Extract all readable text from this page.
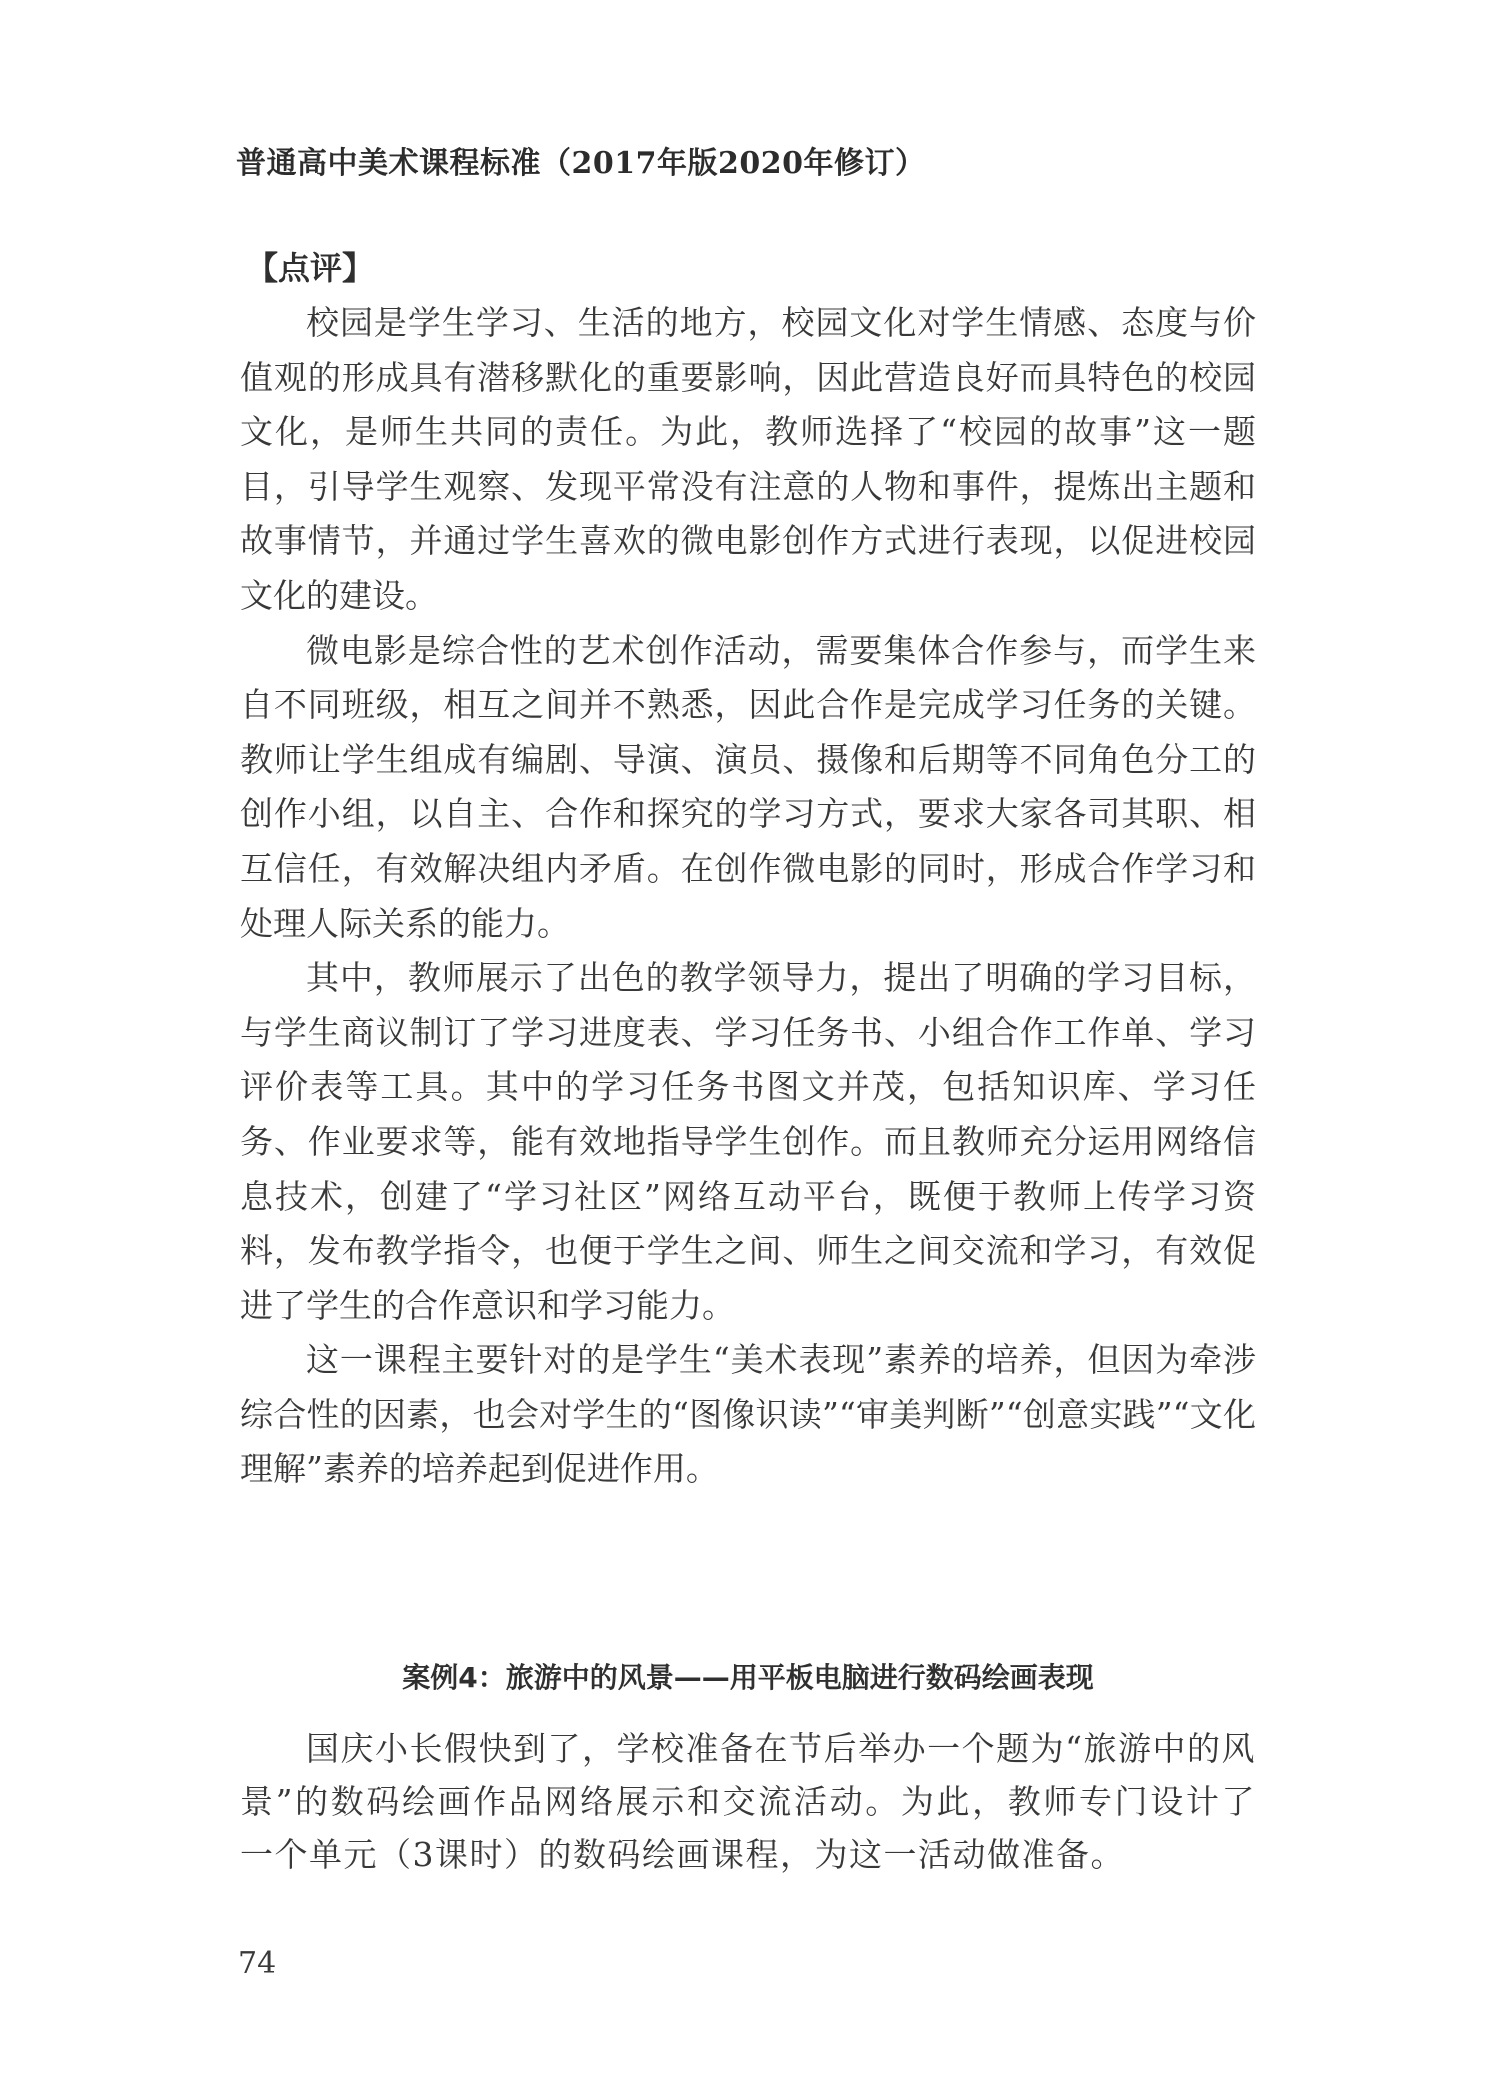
普通高中美术课程标准（2017年版2020年修订）

【点评】

校园是学生学习、生活的地方，校园文化对学生情感、态度与价值观的形成具有潜移默化的重要影响，因此营造良好而具特色的校园文化，是师生共同的责任。为此，教师选择了“校园的故事”这一题目，引导学生观察、发现平常没有注意的人物和事件，提炼出主题和故事情节，并通过学生喜欢的微电影创作方式进行表现，以促进校园文化的建设。

微电影是综合性的艺术创作活动，需要集体合作参与，而学生来自不同班级，相互之间并不熟悉，因此合作是完成学习任务的关键。教师让学生组成有编剧、导演、演员、摄像和后期等不同角色分工的创作小组，以自主、合作和探究的学习方式，要求大家各司其职、相互信任，有效解决组内矛盾。在创作微电影的同时，形成合作学习和处理人际关系的能力。

其中，教师展示了出色的教学领导力，提出了明确的学习目标，与学生商议制订了学习进度表、学习任务书、小组合作工作单、学习评价表等工具。其中的学习任务书图文并茂，包括知识库、学习任务、作业要求等，能有效地指导学生创作。而且教师充分运用网络信息技术，创建了“学习社区”网络互动平台，既便于教师上传学习资料，发布教学指令，也便于学生之间、师生之间交流和学习，有效促进了学生的合作意识和学习能力。

这一课程主要针对的是学生“美术表现”素养的培养，但因为牵涉综合性的因素，也会对学生的“图像识读”“审美判断”“创意实践”“文化理解”素养的培养起到促进作用。

案例4：旅游中的风景——用平板电脑进行数码绘画表现

国庆小长假快到了，学校准备在节后举办一个题为“旅游中的风景”的数码绘画作品网络展示和交流活动。为此，教师专门设计了一个单元（3课时）的数码绘画课程，为这一活动做准备。

74
